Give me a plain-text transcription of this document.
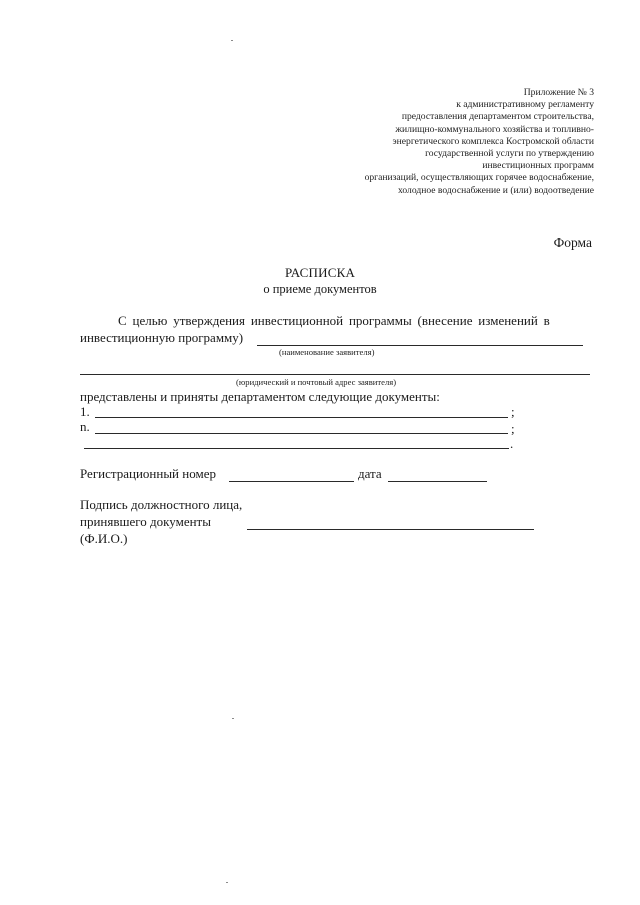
Приложение № 3
к административному регламенту
предоставления департаментом строительства,
жилищно-коммунального хозяйства и топливно-
энергетического комплекса Костромской области
государственной услуги по утверждению
инвестиционных программ
организаций, осуществляющих горячее водоснабжение,
холодное водоснабжение и (или) водоотведение
Форма
РАСПИСКА
о приеме документов
С целью утверждения инвестиционной программы (внесение изменений в
инвестиционную программу)
(наименование заявителя)
(юридический и почтовый адрес заявителя)
представлены и приняты департаментом следующие документы:
1.	;
n.	;
.
Регистрационный номер	дата
Подпись должностного лица,
принявшего документы
(Ф.И.О.)
